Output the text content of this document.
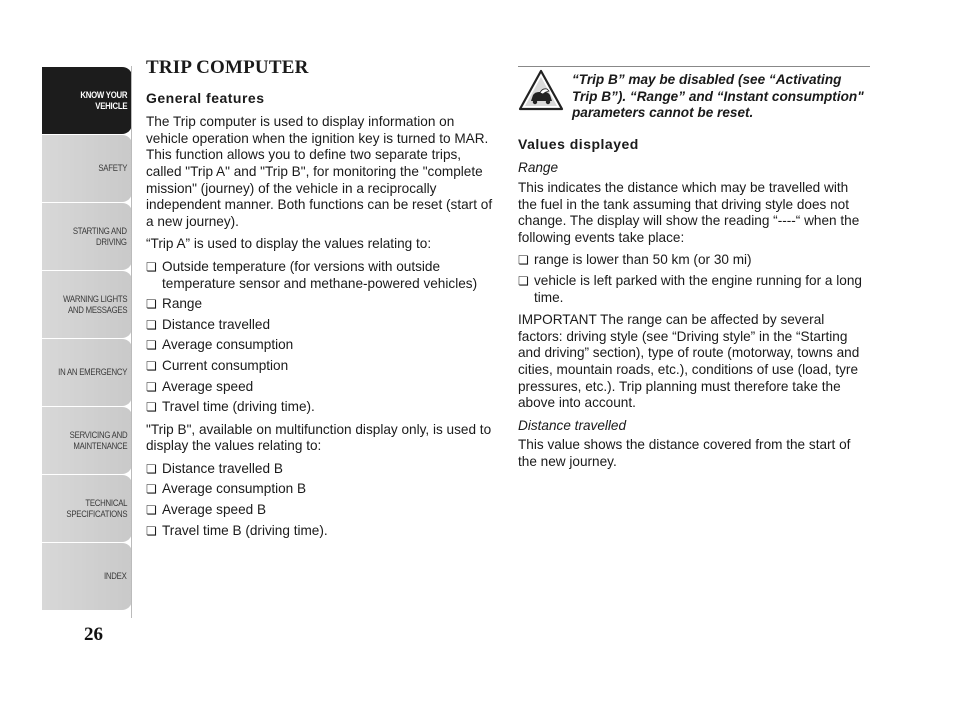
KNOW YOUR
VEHICLE
SAFETY
STARTING AND
DRIVING
WARNING LIGHTS
AND MESSAGES
IN AN EMERGENCY
SERVICING AND
MAINTENANCE
TECHNICAL
SPECIFICATIONS
INDEX
26
TRIP COMPUTER
General features

The Trip computer is used to display information on vehicle operation when the ignition key is turned to MAR. This function allows you to define two separate trips, called "Trip A" and "Trip B", for monitoring the "complete mission" (journey) of the vehicle in a reciprocally independent manner. Both functions can be reset (start of a new journey).

“Trip A” is used to display the values relating to:

❏ Outside temperature (for versions with outside temperature sensor and methane-powered vehicles)
❏ Range
❏ Distance travelled
❏ Average consumption
❏ Current consumption
❏ Average speed
❏ Travel time (driving time).

"Trip B", available on multifunction display only, is used to display the values relating to:

❏ Distance travelled B
❏ Average consumption B
❏ Average speed B
❏ Travel time B (driving time).
“Trip B” may be disabled (see “Activating Trip B”). “Range” and “Instant consumption" parameters cannot be reset.
Values displayed

Range

This indicates the distance which may be travelled with the fuel in the tank assuming that driving style does not change. The display will show the reading “----“ when the following events take place:

❏ range is lower than 50 km (or 30 mi)
❏ vehicle is left parked with the engine running for a long time.

IMPORTANT The range can be affected by several factors: driving style (see “Driving style” in the “Starting and driving” section), type of route (motorway, towns and cities, mountain roads, etc.), conditions of use (load, tyre pressures, etc.). Trip planning must therefore take the above into account.

Distance travelled

This value shows the distance covered from the start of the new journey.
